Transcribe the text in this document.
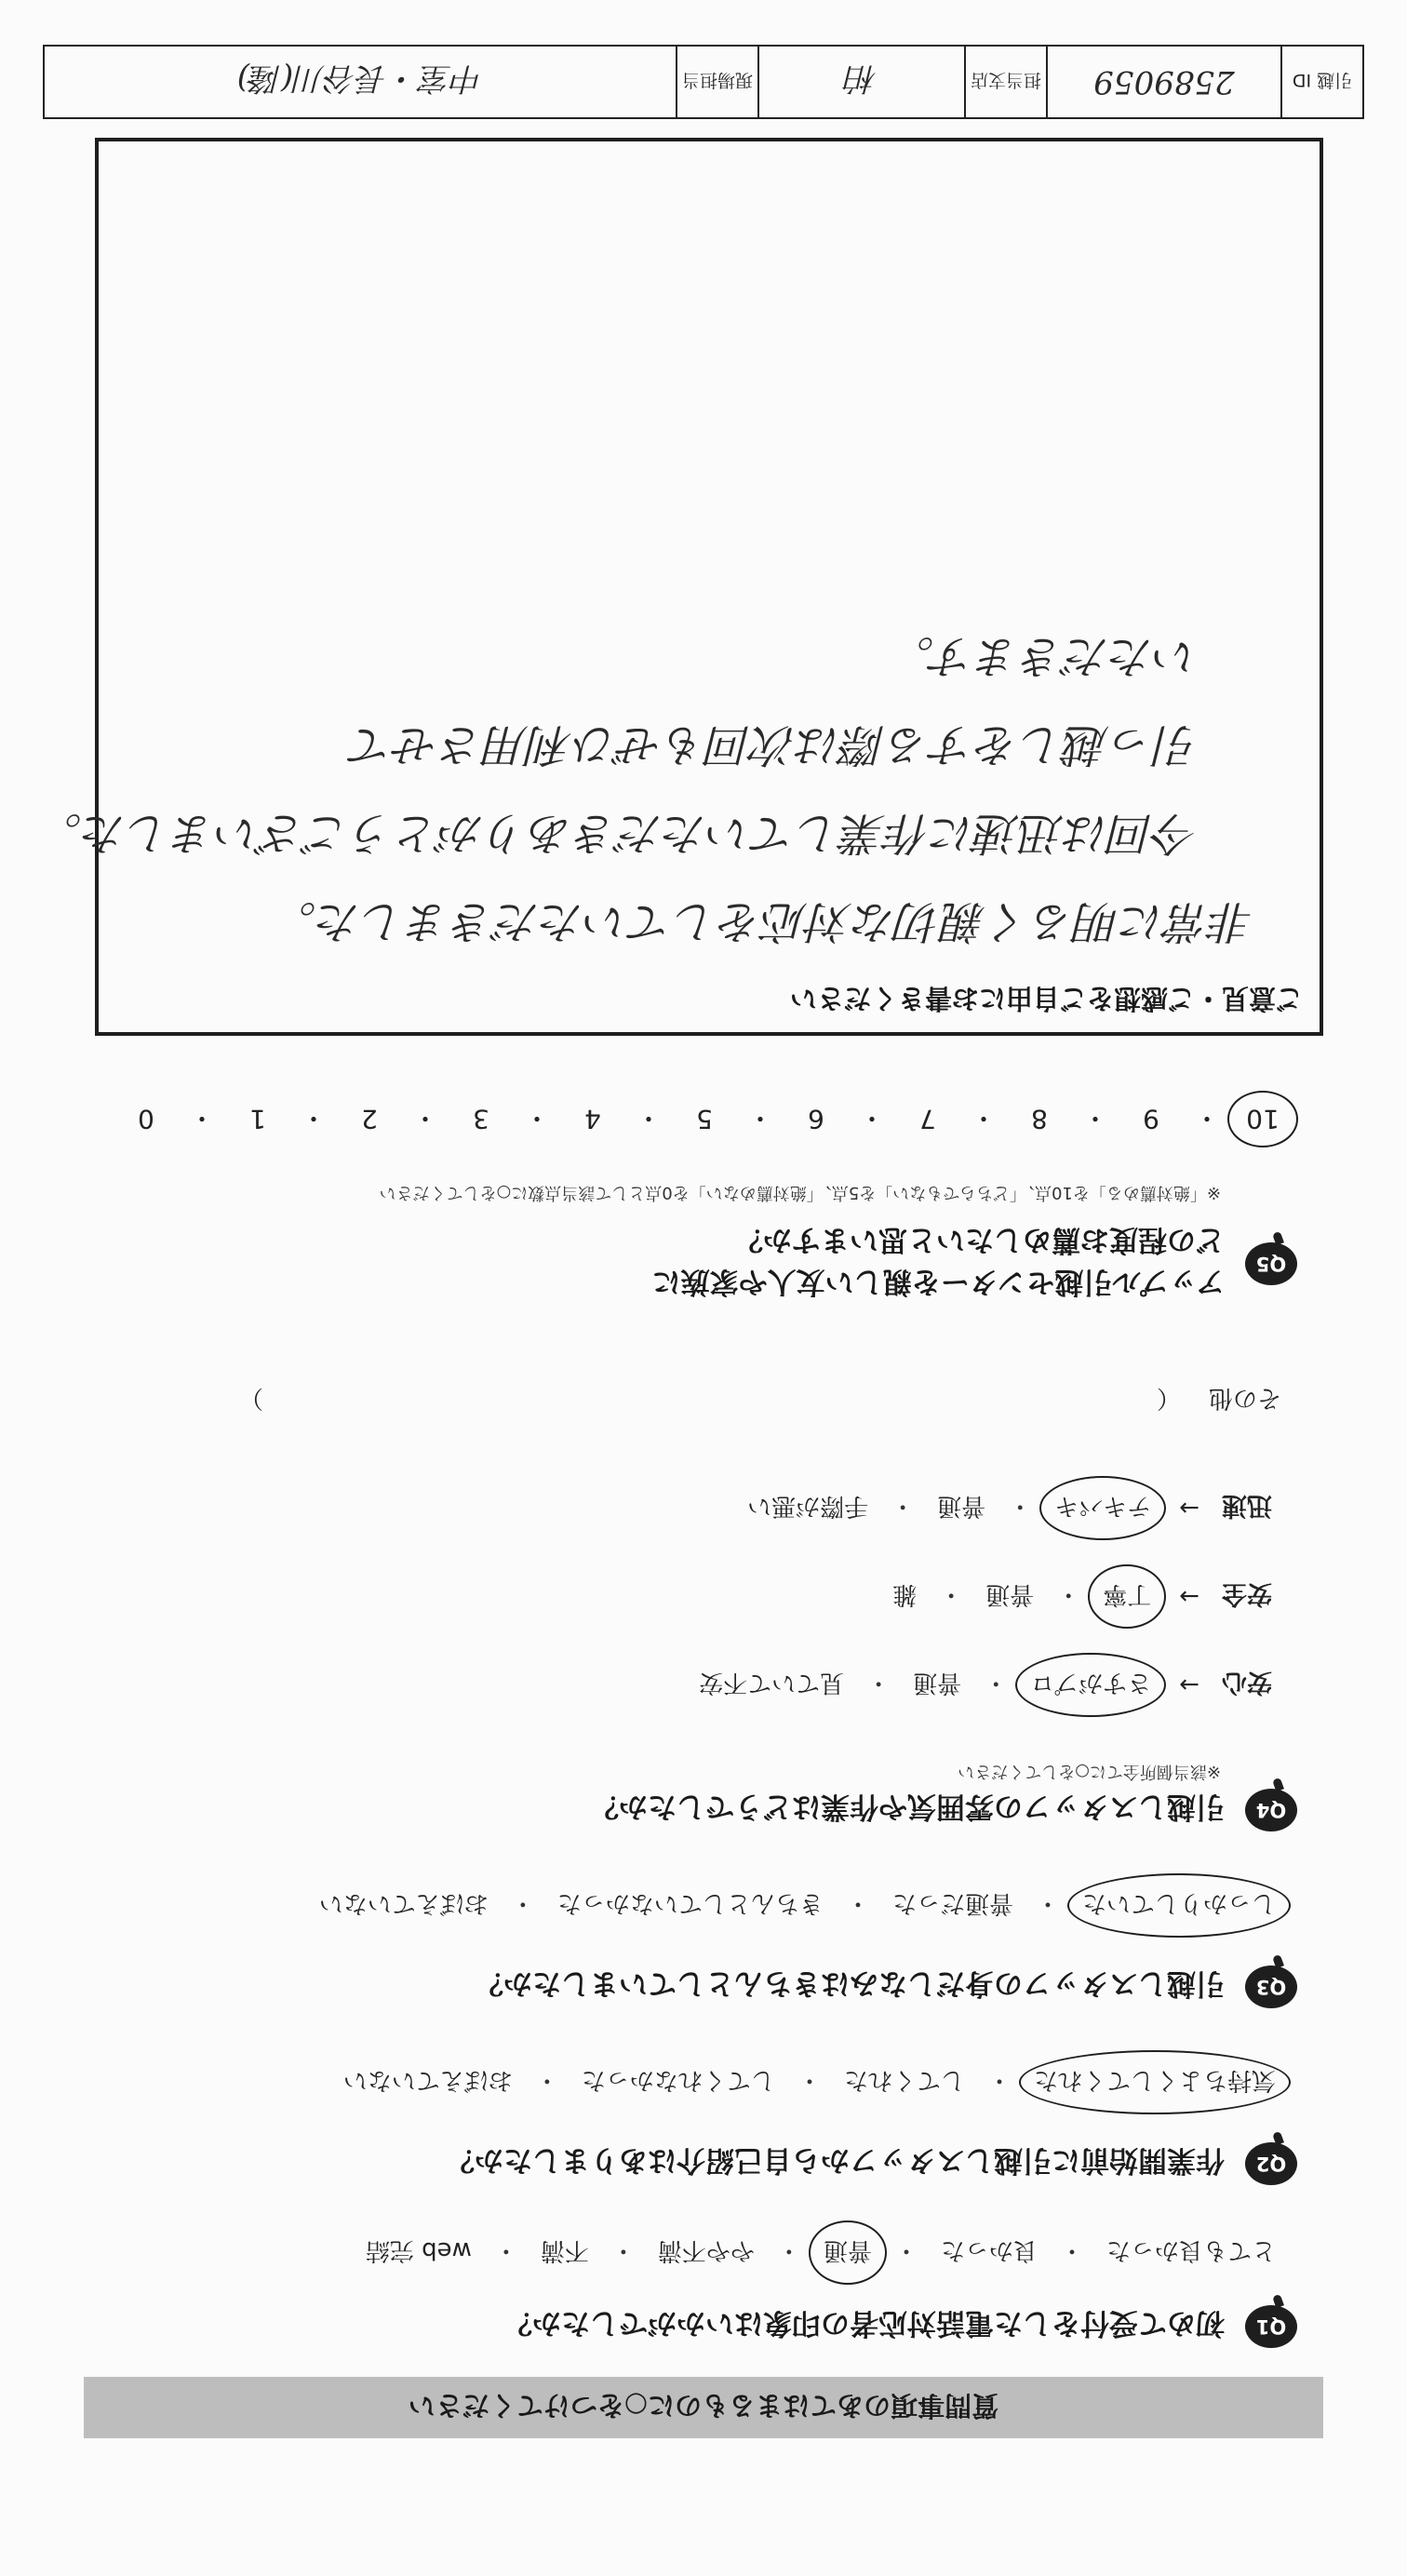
質問事項のあてはまるものに○をつけてください
Q1
初めて受付をした電話対応者の印象はいかがでしたか？
とても良かった
・
良かった
・
普通
・
やや不満
・
不満
・
web 完結
Q2
作業開始前に引越しスタッフから自己紹介はありましたか？
気持ちよくしてくれた
・
してくれた
・
してくれなかった
・
おぼえていない
Q3
引越しスタッフの身だしなみはきちんとしていましたか？
しっかりしていた
・
普通だった
・
きちんとしていなかった
・
おぼえていない
Q4
引越しスタッフの雰囲気や作業はどうでしたか？
※該当個所全てに○をしてください
安心
→
さすがプロ
・
普通
・
見ていて不安
安全
→
丁寧
・
普通
・
雑
迅速
→
テキパキ
・
普通
・
手際が悪い
その他
（
）
Q5
アップル引越センターを親しい友人や家族に
どの程度お薦めしたいと思いますか？
※「絶対薦める」を10点、「どちらでもない」を5点、「絶対薦めない」を0点として該当点数に○をしてください
10
・
9
・
8
・
7
・
6
・
5
・
4
・
3
・
2
・
1
・
0
ご意見・ご感想をご自由にお書きください
非常に明るく親切な対応をしていただきました。
今回は迅速に作業していただきありがとうございました。
引っ越しをする際は次回もぜひ利用させて
いただきます。
引越 ID
2589059
担当支店
柏
現場担当
中室・長谷川(隆)
